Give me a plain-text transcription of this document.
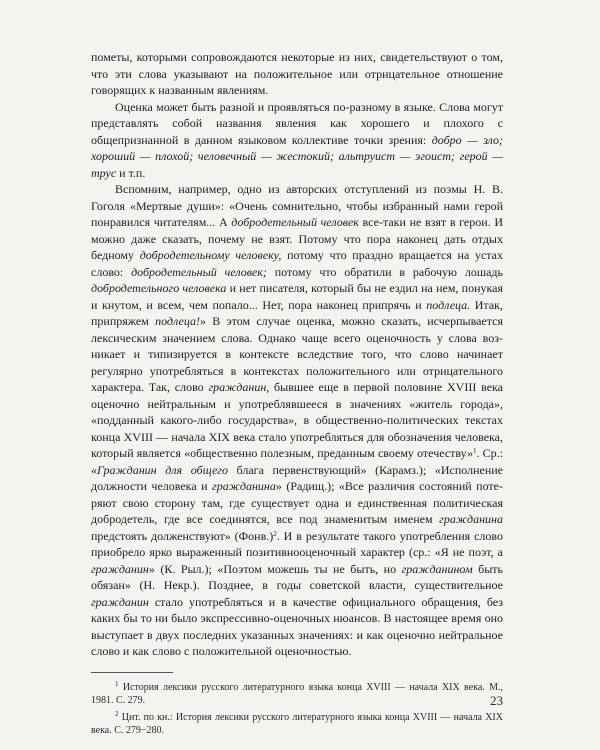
пометы, которыми сопровождаются некоторые из них, свидетельствуют о том, что эти слова указывают на положительное или отрицательное отношение говорящих к названным явлениям.

Оценка может быть разной и проявляться по-разному в языке. Слова могут представлять собой названия явления как хорошего и плохого с общепризнанной в данном языковом коллективе точки зрения: добро — зло; хороший — плохой; человечный — жестокий; альтруист — эгоист; герой — трус и т.п.

Вспомним, например, одно из авторских отступлений из поэмы Н. В. Гоголя «Мертвые души»: «Очень сомнительно, чтобы избранный нами герой понравился читателям... А добродетельный человек все-таки не взят в герои. И можно даже сказать, почему не взят. Потому что пора наконец дать отдых бедному добродетельному человеку, потому что праздно вращается на устах слово: добродетельный человек; потому что обратили в рабочую лошадь добродетельного человека и нет писателя, который бы не ездил на нем, понукая и кнутом, и всем, чем попало... Нет, пора наконец припрячь и подлеца. Итак, припряжем подлеца!» В этом случае оценка, можно сказать, исчерпывается лексическим значением слова. Однако чаще всего оценочность у слова возникает и типизируется в контексте вследствие того, что слово начинает регулярно употребляться в контекстах положительного или отрицательного характера. Так, слово гражданин, бывшее еще в первой половине XVIII века оценочно нейтральным и употреблявшееся в значениях «житель города», «подданный какого-либо государства», в общественно-политических текстах конца XVIII — начала XIX века стало употребляться для обозначения человека, который является «общественно полезным, преданным своему отечеству»$^1$. Ср.: «Гражданин для общего блага первенствующий» (Карамз.); «Исполнение должности человека и гражданина» (Радищ.); «Все различия состояний потеряют свою сторону там, где существует одна и единственная политическая добродетель, где все соединятся, все под знаменитым именем гражданина предстоять долженствуют» (Фонв.)$^2$. И в результате такого употребления слово приобрело ярко выраженный позитивнооценочный характер (ср.: «Я не поэт, а гражданин» (К. Рыл.); «Поэтом можешь ты не быть, но гражданином быть обязан» (Н. Некр.). Позднее, в годы советской власти, существительное гражданин стало употребляться и в качестве официального обращения, без каких бы то ни было экспрессивно-оценочных нюансов. В настоящее время оно выступает в двух последних указанных значениях: и как оценочно нейтральное слово и как слово с положительной оценочностью.

$^1$ История лексики русского литературного языка конца XVIII — начала XIX века. М., 1981. С. 279.

$^2$ Цит. по кн.: История лексики русского литературного языка конца XVIII — начала XIX века. С. 279−280.

23
